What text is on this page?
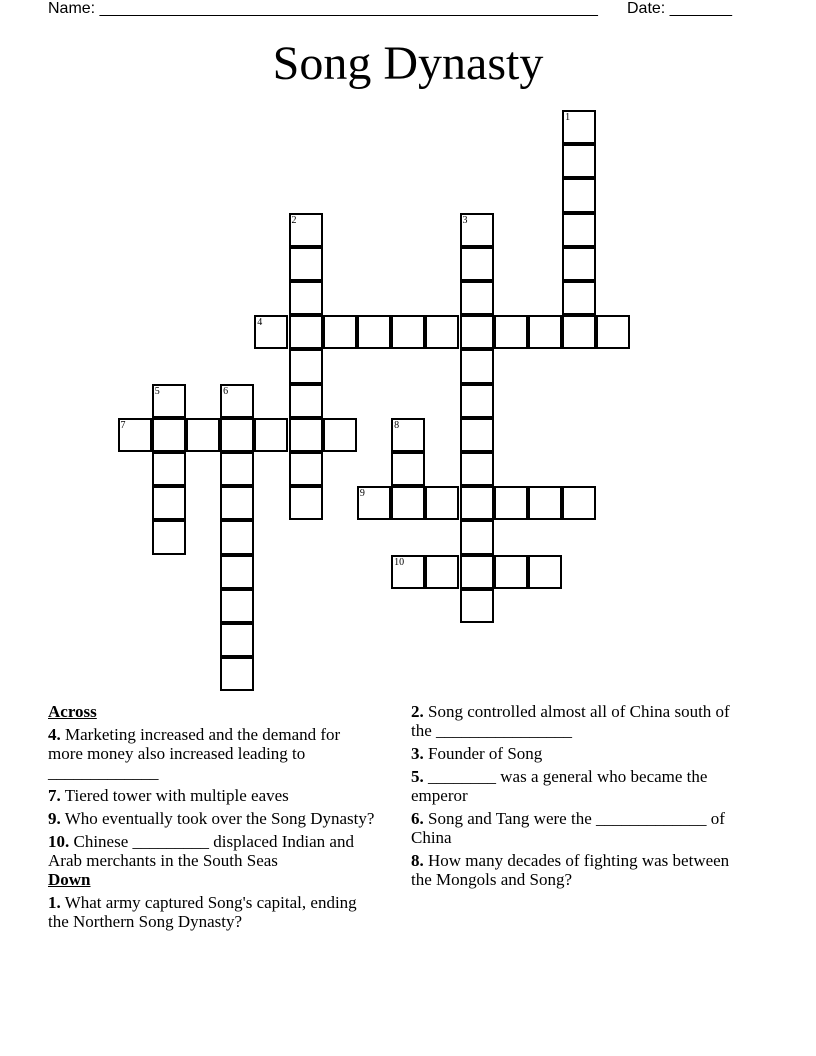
Name: ________________________________________________________ Date: _______
Song Dynasty
1
2	3
4
5	6
7	8
9
10
Across
4. Marketing increased and the demand for more money also increased leading to _____________
7. Tiered tower with multiple eaves
9. Who eventually took over the Song Dynasty?
10. Chinese _________ displaced Indian and Arab merchants in the South Seas
Down
1. What army captured Song's capital, ending the Northern Song Dynasty?
2. Song controlled almost all of China south of the ________________
3. Founder of Song
5. ________ was a general who became the emperor
6. Song and Tang were the _____________ of China
8. How many decades of fighting was between the Mongols and Song?
